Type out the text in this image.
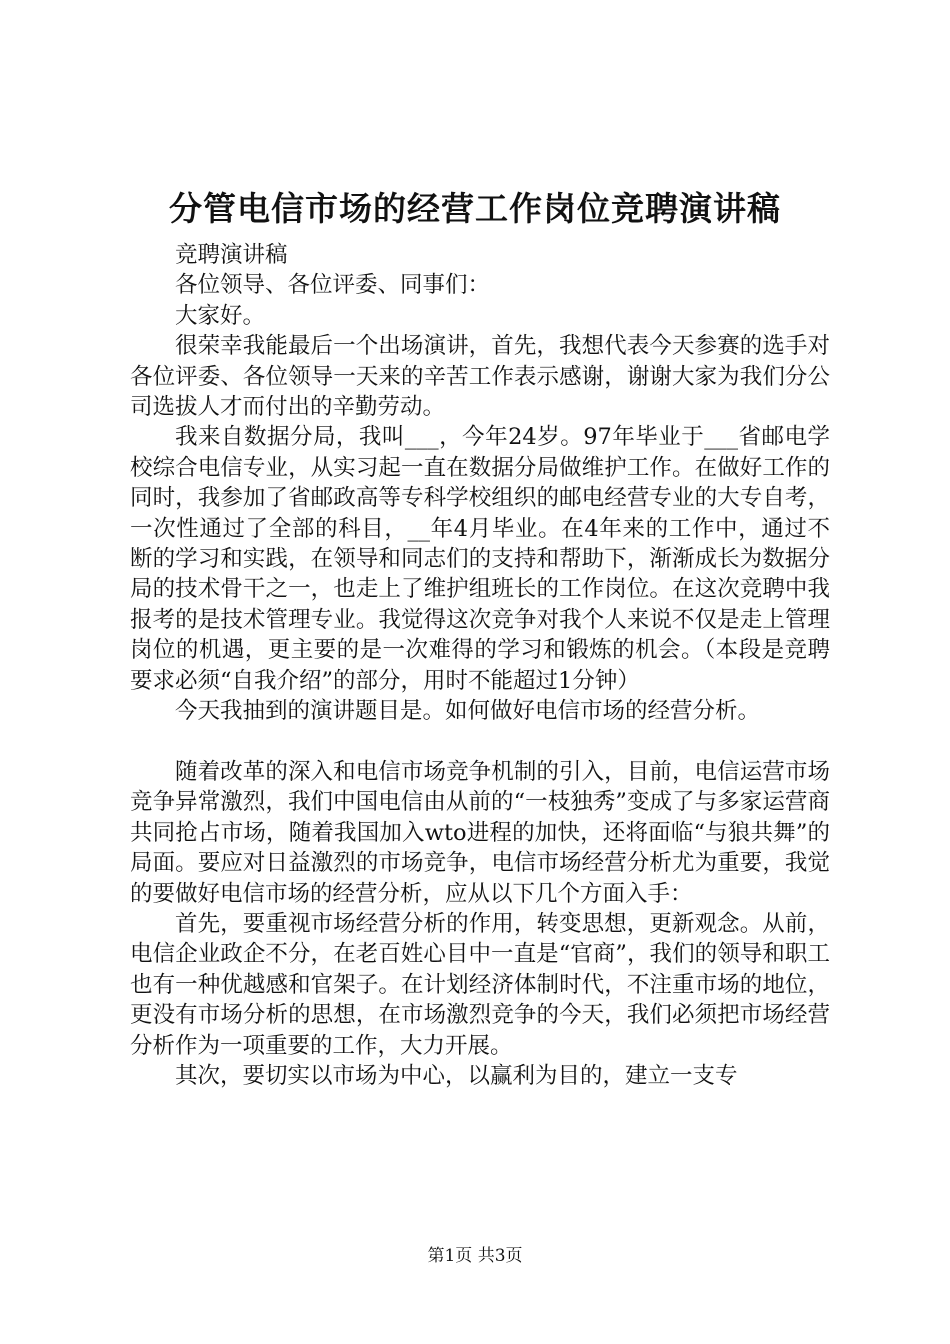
分管电信市场的经营工作岗位竞聘演讲稿

竞聘演讲稿

各位领导、各位评委、同事们：

大家好。

很荣幸我能最后一个出场演讲，首先，我想代表今天参赛的选手对各位评委、各位领导一天来的辛苦工作表示感谢，谢谢大家为我们分公司选拔人才而付出的辛勤劳动。

我来自数据分局，我叫___，今年24岁。97年毕业于___省邮电学校综合电信专业，从实习起一直在数据分局做维护工作。在做好工作的同时，我参加了省邮政高等专科学校组织的邮电经营专业的大专自考，一次性通过了全部的科目，__年4月毕业。在4年来的工作中，通过不断的学习和实践，在领导和同志们的支持和帮助下，渐渐成长为数据分局的技术骨干之一，也走上了维护组班长的工作岗位。在这次竞聘中我报考的是技术管理专业。我觉得这次竞争对我个人来说不仅是走上管理岗位的机遇，更主要的是一次难得的学习和锻炼的机会。（本段是竞聘要求必须“自我介绍”的部分，用时不能超过1分钟）

今天我抽到的演讲题目是。如何做好电信市场的经营分析。

随着改革的深入和电信市场竞争机制的引入，目前，电信运营市场竞争异常激烈，我们中国电信由从前的“一枝独秀”变成了与多家运营商共同抢占市场，随着我国加入wto进程的加快，还将面临“与狼共舞”的局面。要应对日益激烈的市场竞争，电信市场经营分析尤为重要，我觉的要做好电信市场的经营分析，应从以下几个方面入手：

首先，要重视市场经营分析的作用，转变思想，更新观念。从前，电信企业政企不分，在老百姓心目中一直是“官商”，我们的领导和职工也有一种优越感和官架子。在计划经济体制时代，不注重市场的地位，更没有市场分析的思想，在市场激烈竞争的今天，我们必须把市场经营分析作为一项重要的工作，大力开展。

其次，要切实以市场为中心，以赢利为目的，建立一支专

第1页 共3页
